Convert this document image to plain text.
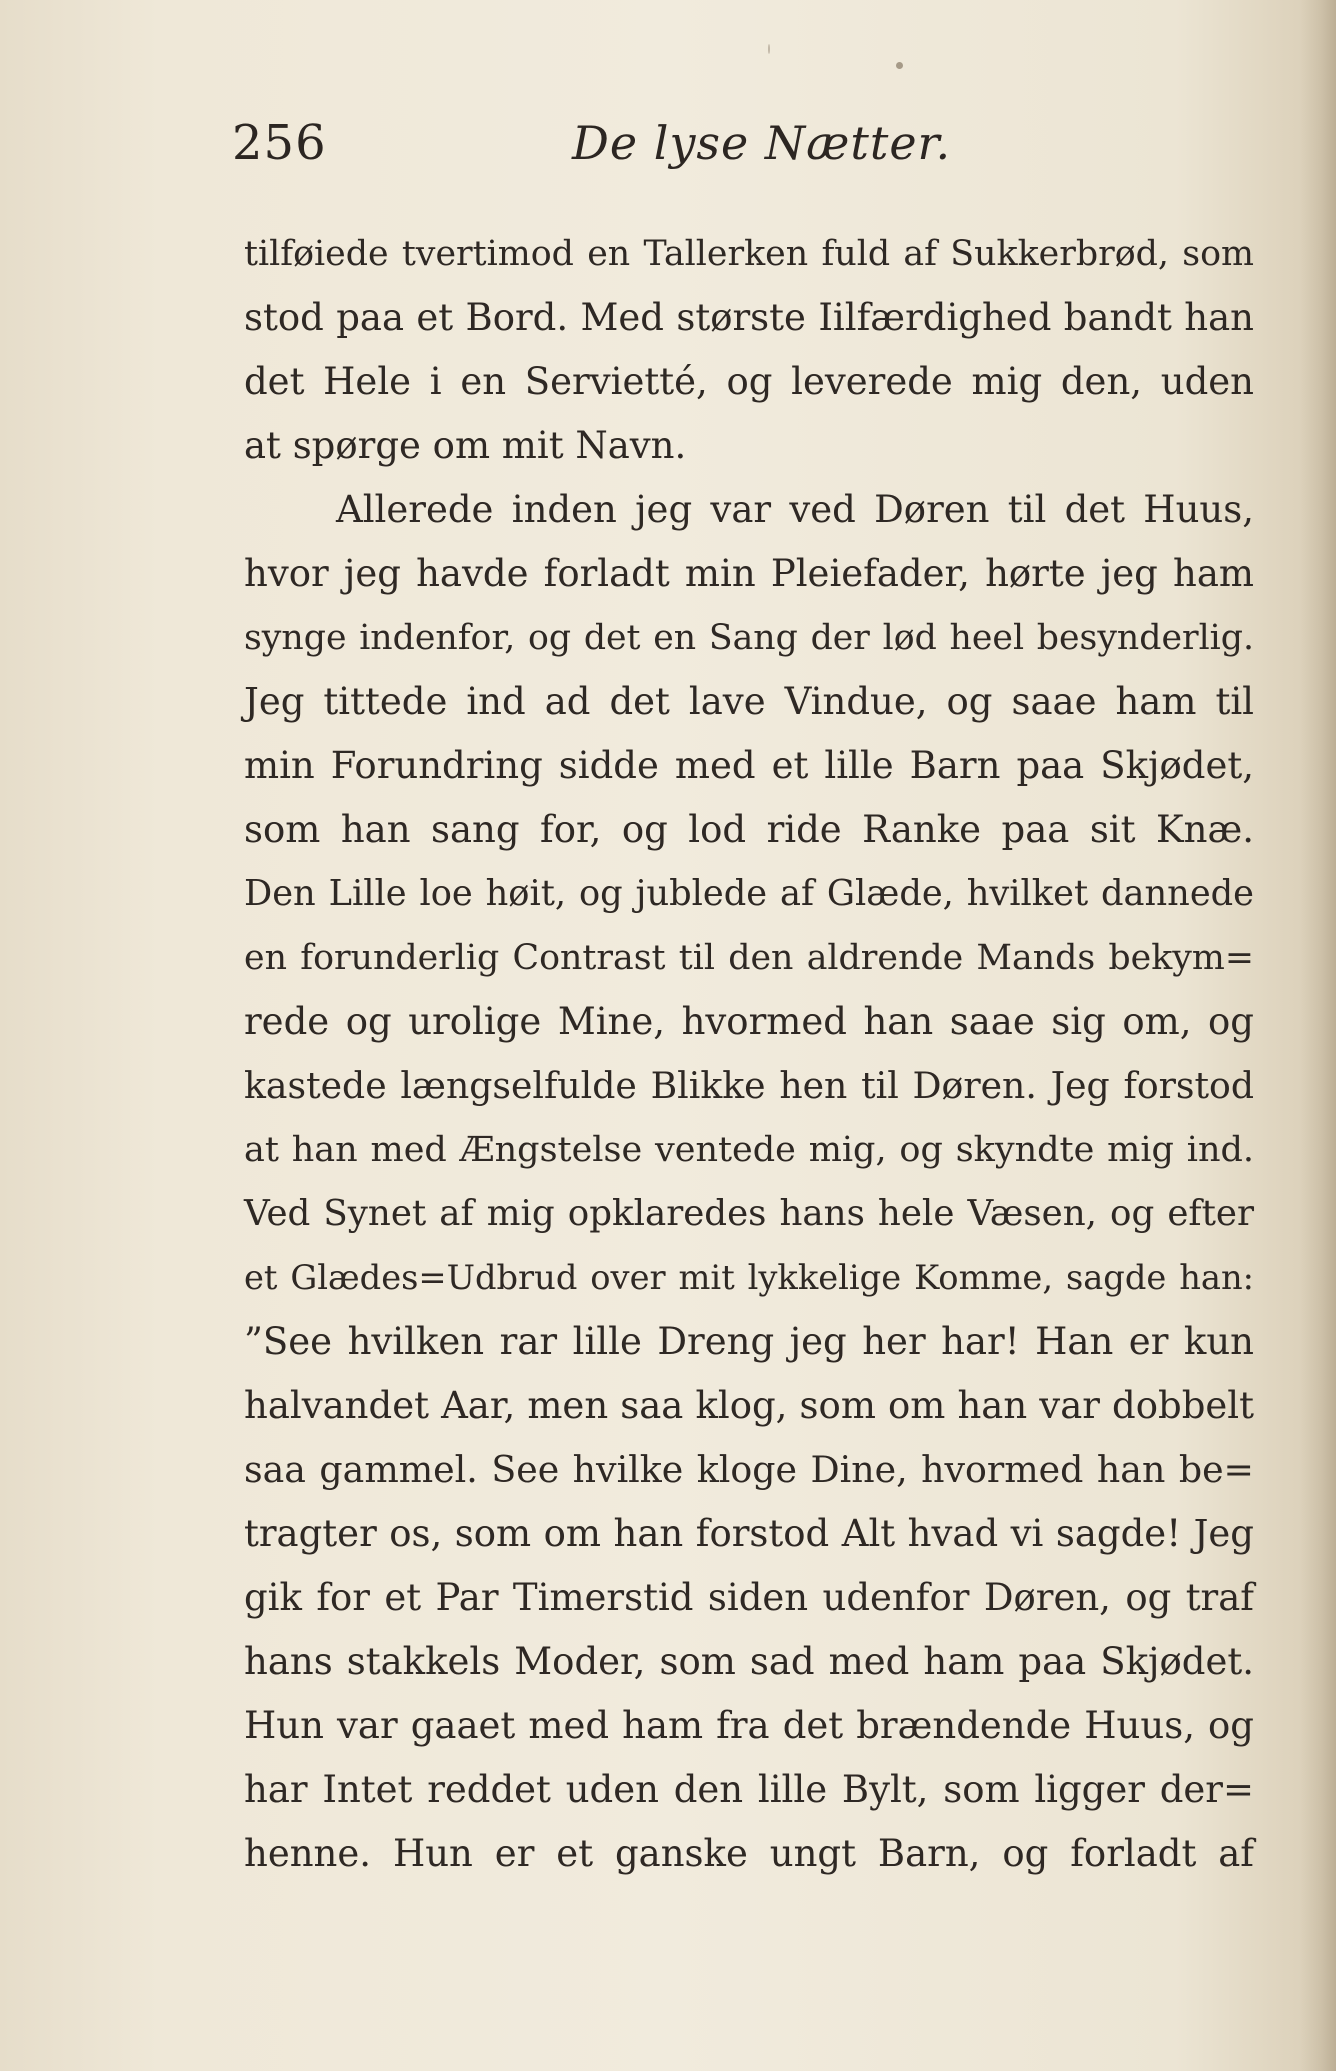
256	De lyse Nætter.
tilføiede tvertimod en Tallerken fuld af Sukkerbrød, som
stod paa et Bord. Med største Iilfærdighed bandt han
det Hele i en Servietté, og leverede mig den, uden
at spørge om mit Navn.
Allerede inden jeg var ved Døren til det Huus,
hvor jeg havde forladt min Pleiefader, hørte jeg ham
synge indenfor, og det en Sang der lød heel besynderlig.
Jeg tittede ind ad det lave Vindue, og saae ham til
min Forundring sidde med et lille Barn paa Skjødet,
som han sang for, og lod ride Ranke paa sit Knæ.
Den Lille loe høit, og jublede af Glæde, hvilket dannede
en forunderlig Contrast til den aldrende Mands bekym=
rede og urolige Mine, hvormed han saae sig om, og
kastede længselfulde Blikke hen til Døren. Jeg forstod
at han med Ængstelse ventede mig, og skyndte mig ind.
Ved Synet af mig opklaredes hans hele Væsen, og efter
et Glædes=Udbrud over mit lykkelige Komme, sagde han:
”See hvilken rar lille Dreng jeg her har! Han er kun
halvandet Aar, men saa klog, som om han var dobbelt
saa gammel. See hvilke kloge Dine, hvormed han be=
tragter os, som om han forstod Alt hvad vi sagde! Jeg
gik for et Par Timerstid siden udenfor Døren, og traf
hans stakkels Moder, som sad med ham paa Skjødet.
Hun var gaaet med ham fra det brændende Huus, og
har Intet reddet uden den lille Bylt, som ligger der=
henne. Hun er et ganske ungt Barn, og forladt af
